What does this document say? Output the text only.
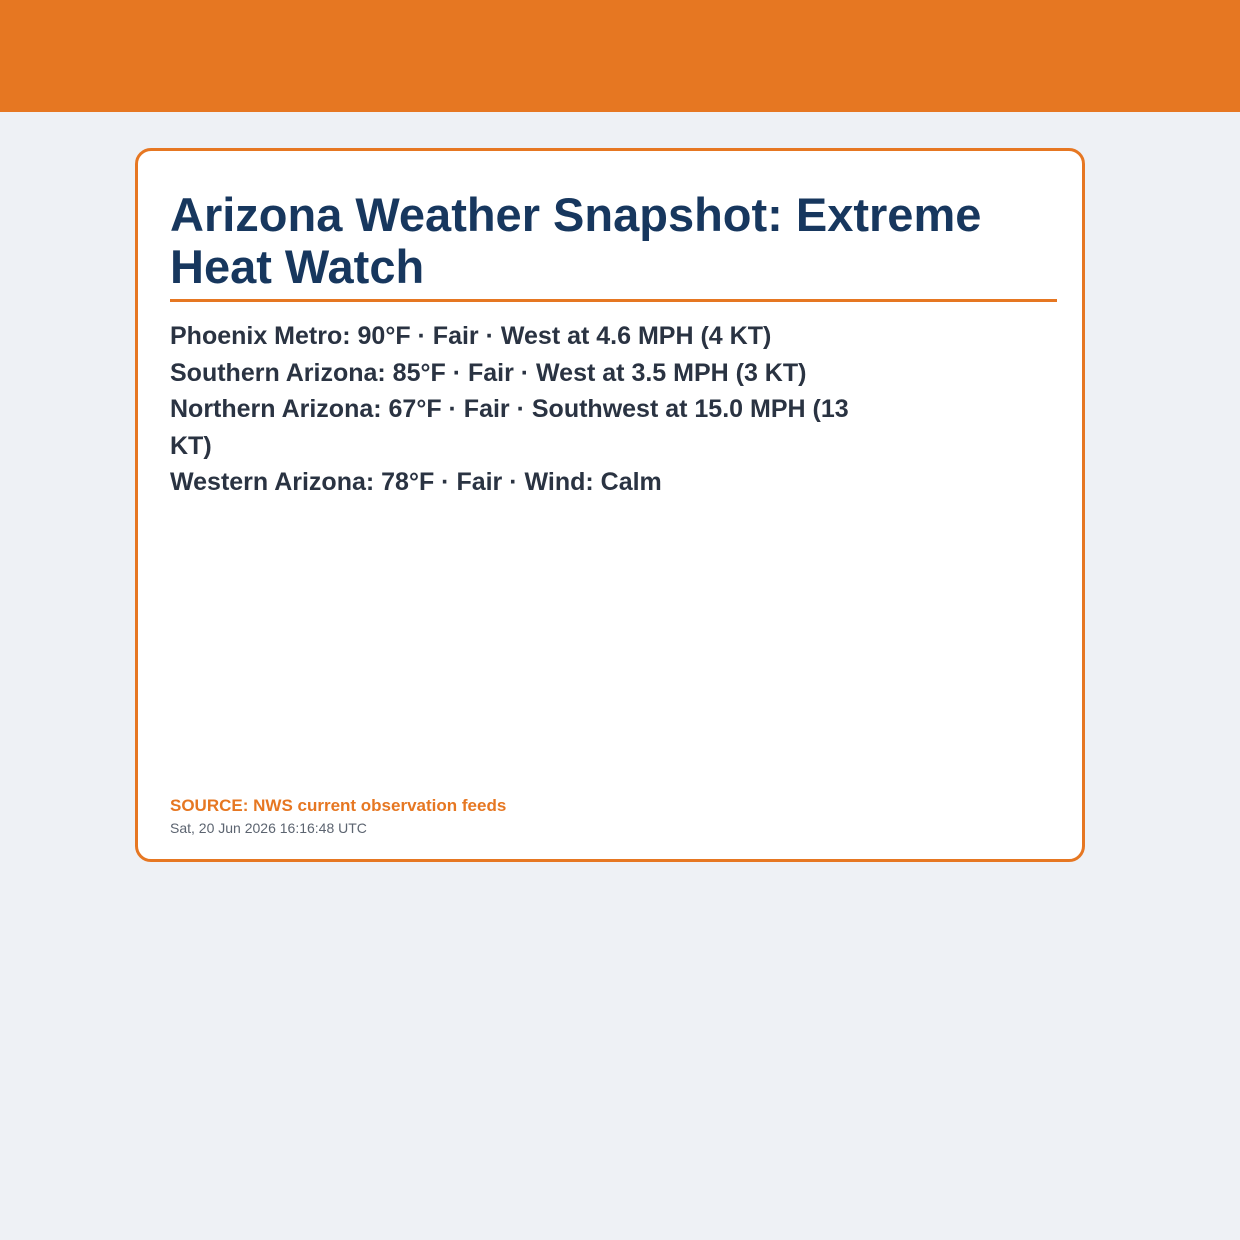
Arizona Weather Snapshot: Extreme Heat Watch
Phoenix Metro: 90°F · Fair · West at 4.6 MPH (4 KT)
Southern Arizona: 85°F · Fair · West at 3.5 MPH (3 KT)
Northern Arizona: 67°F · Fair · Southwest at 15.0 MPH (13 KT)
Western Arizona: 78°F · Fair · Wind: Calm
SOURCE: NWS current observation feeds
Sat, 20 Jun 2026 16:16:48 UTC
